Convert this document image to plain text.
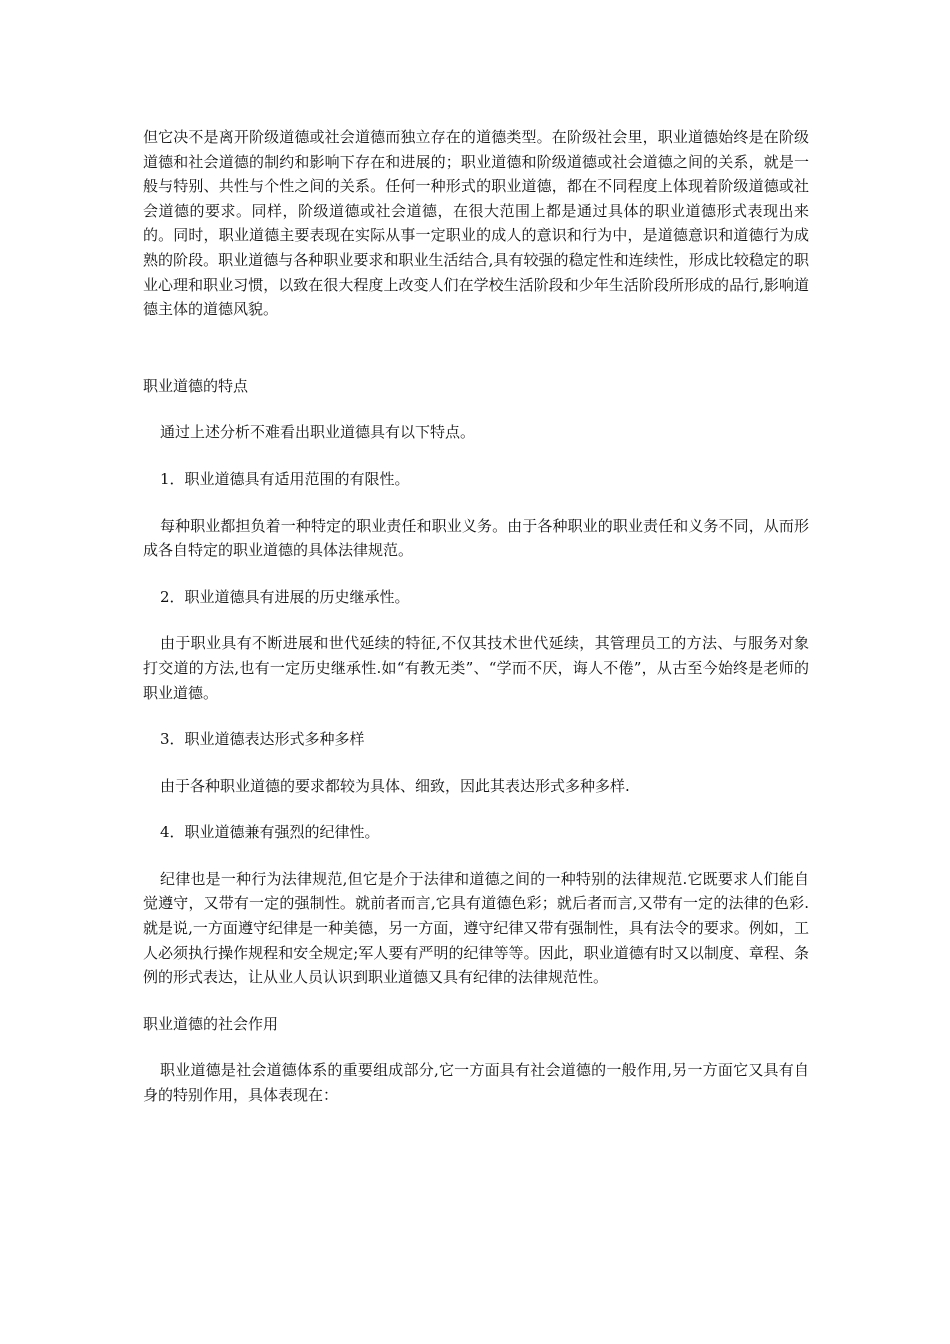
但它决不是离开阶级道德或社会道德而独立存在的道德类型。在阶级社会里，职业道德始终是在阶级道德和社会道德的制约和影响下存在和进展的；职业道德和阶级道德或社会道德之间的关系，就是一般与特别、共性与个性之间的关系。任何一种形式的职业道德，都在不同程度上体现着阶级道德或社会道德的要求。同样，阶级道德或社会道德，在很大范围上都是通过具体的职业道德形式表现出来的。同时，职业道德主要表现在实际从事一定职业的成人的意识和行为中，是道德意识和道德行为成熟的阶段。职业道德与各种职业要求和职业生活结合,具有较强的稳定性和连续性，形成比较稳定的职业心理和职业习惯，以致在很大程度上改变人们在学校生活阶段和少年生活阶段所形成的品行,影响道德主体的道德风貌。

职业道德的特点

通过上述分析不难看出职业道德具有以下特点。

1．职业道德具有适用范围的有限性。

每种职业都担负着一种特定的职业责任和职业义务。由于各种职业的职业责任和义务不同，从而形成各自特定的职业道德的具体法律规范。

2．职业道德具有进展的历史继承性。

由于职业具有不断进展和世代延续的特征,不仅其技术世代延续，其管理员工的方法、与服务对象打交道的方法,也有一定历史继承性.如“有教无类”、“学而不厌，诲人不倦”，从古至今始终是老师的职业道德。

3．职业道德表达形式多种多样

由于各种职业道德的要求都较为具体、细致，因此其表达形式多种多样.

4．职业道德兼有强烈的纪律性。

纪律也是一种行为法律规范,但它是介于法律和道德之间的一种特别的法律规范.它既要求人们能自觉遵守，又带有一定的强制性。就前者而言,它具有道德色彩；就后者而言,又带有一定的法律的色彩.就是说,一方面遵守纪律是一种美德，另一方面，遵守纪律又带有强制性，具有法令的要求。例如，工人必须执行操作规程和安全规定;军人要有严明的纪律等等。因此，职业道德有时又以制度、章程、条例的形式表达，让从业人员认识到职业道德又具有纪律的法律规范性。

职业道德的社会作用

职业道德是社会道德体系的重要组成部分,它一方面具有社会道德的一般作用,另一方面它又具有自身的特别作用，具体表现在：
